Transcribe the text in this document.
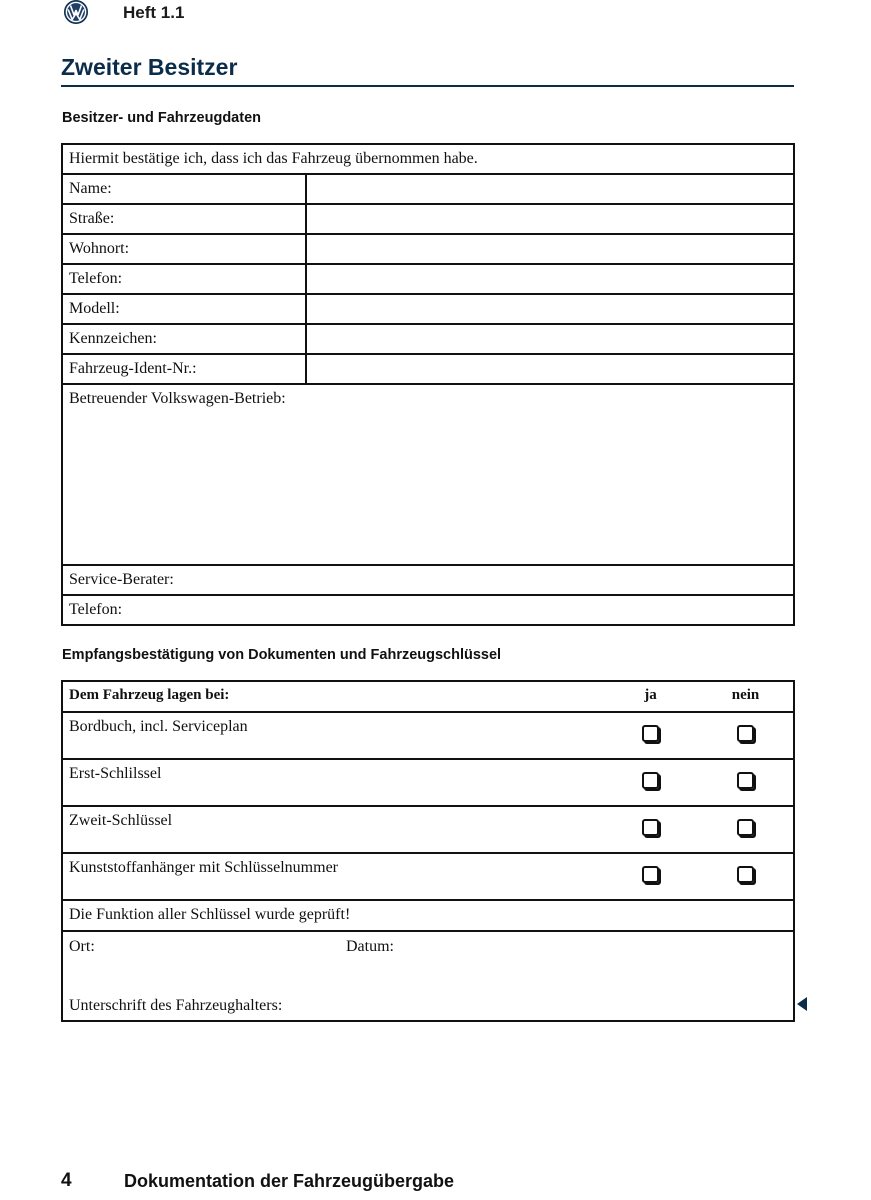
Heft 1.1
Zweiter Besitzer
Besitzer- und Fahrzeugdaten
Hiermit bestätige ich, dass ich das Fahrzeug übernommen habe.	
Name:	
Straße:	
Wohnort:	
Telefon:	
Modell:	
Kennzeichen:	
Fahrzeug-Ident-Nr.:	
Betreuender Volkswagen-Betrieb:	
Service-Berater:	
Telefon:	
Empfangsbestätigung von Dokumenten und Fahrzeugschlüssel
Dem Fahrzeug lagen bei:	ja	nein
Bordbuch, incl. Serviceplan		
Erst-Schlilssel		
Zweit-Schlüssel		
Kunststoffanhänger mit Schlüsselnummer		
Die Funktion aller Schlüssel wurde geprüft!		

Ort: Datum:
Unterschrift des Fahrzeughalters:		
4	Dokumentation der Fahrzeugübergabe
